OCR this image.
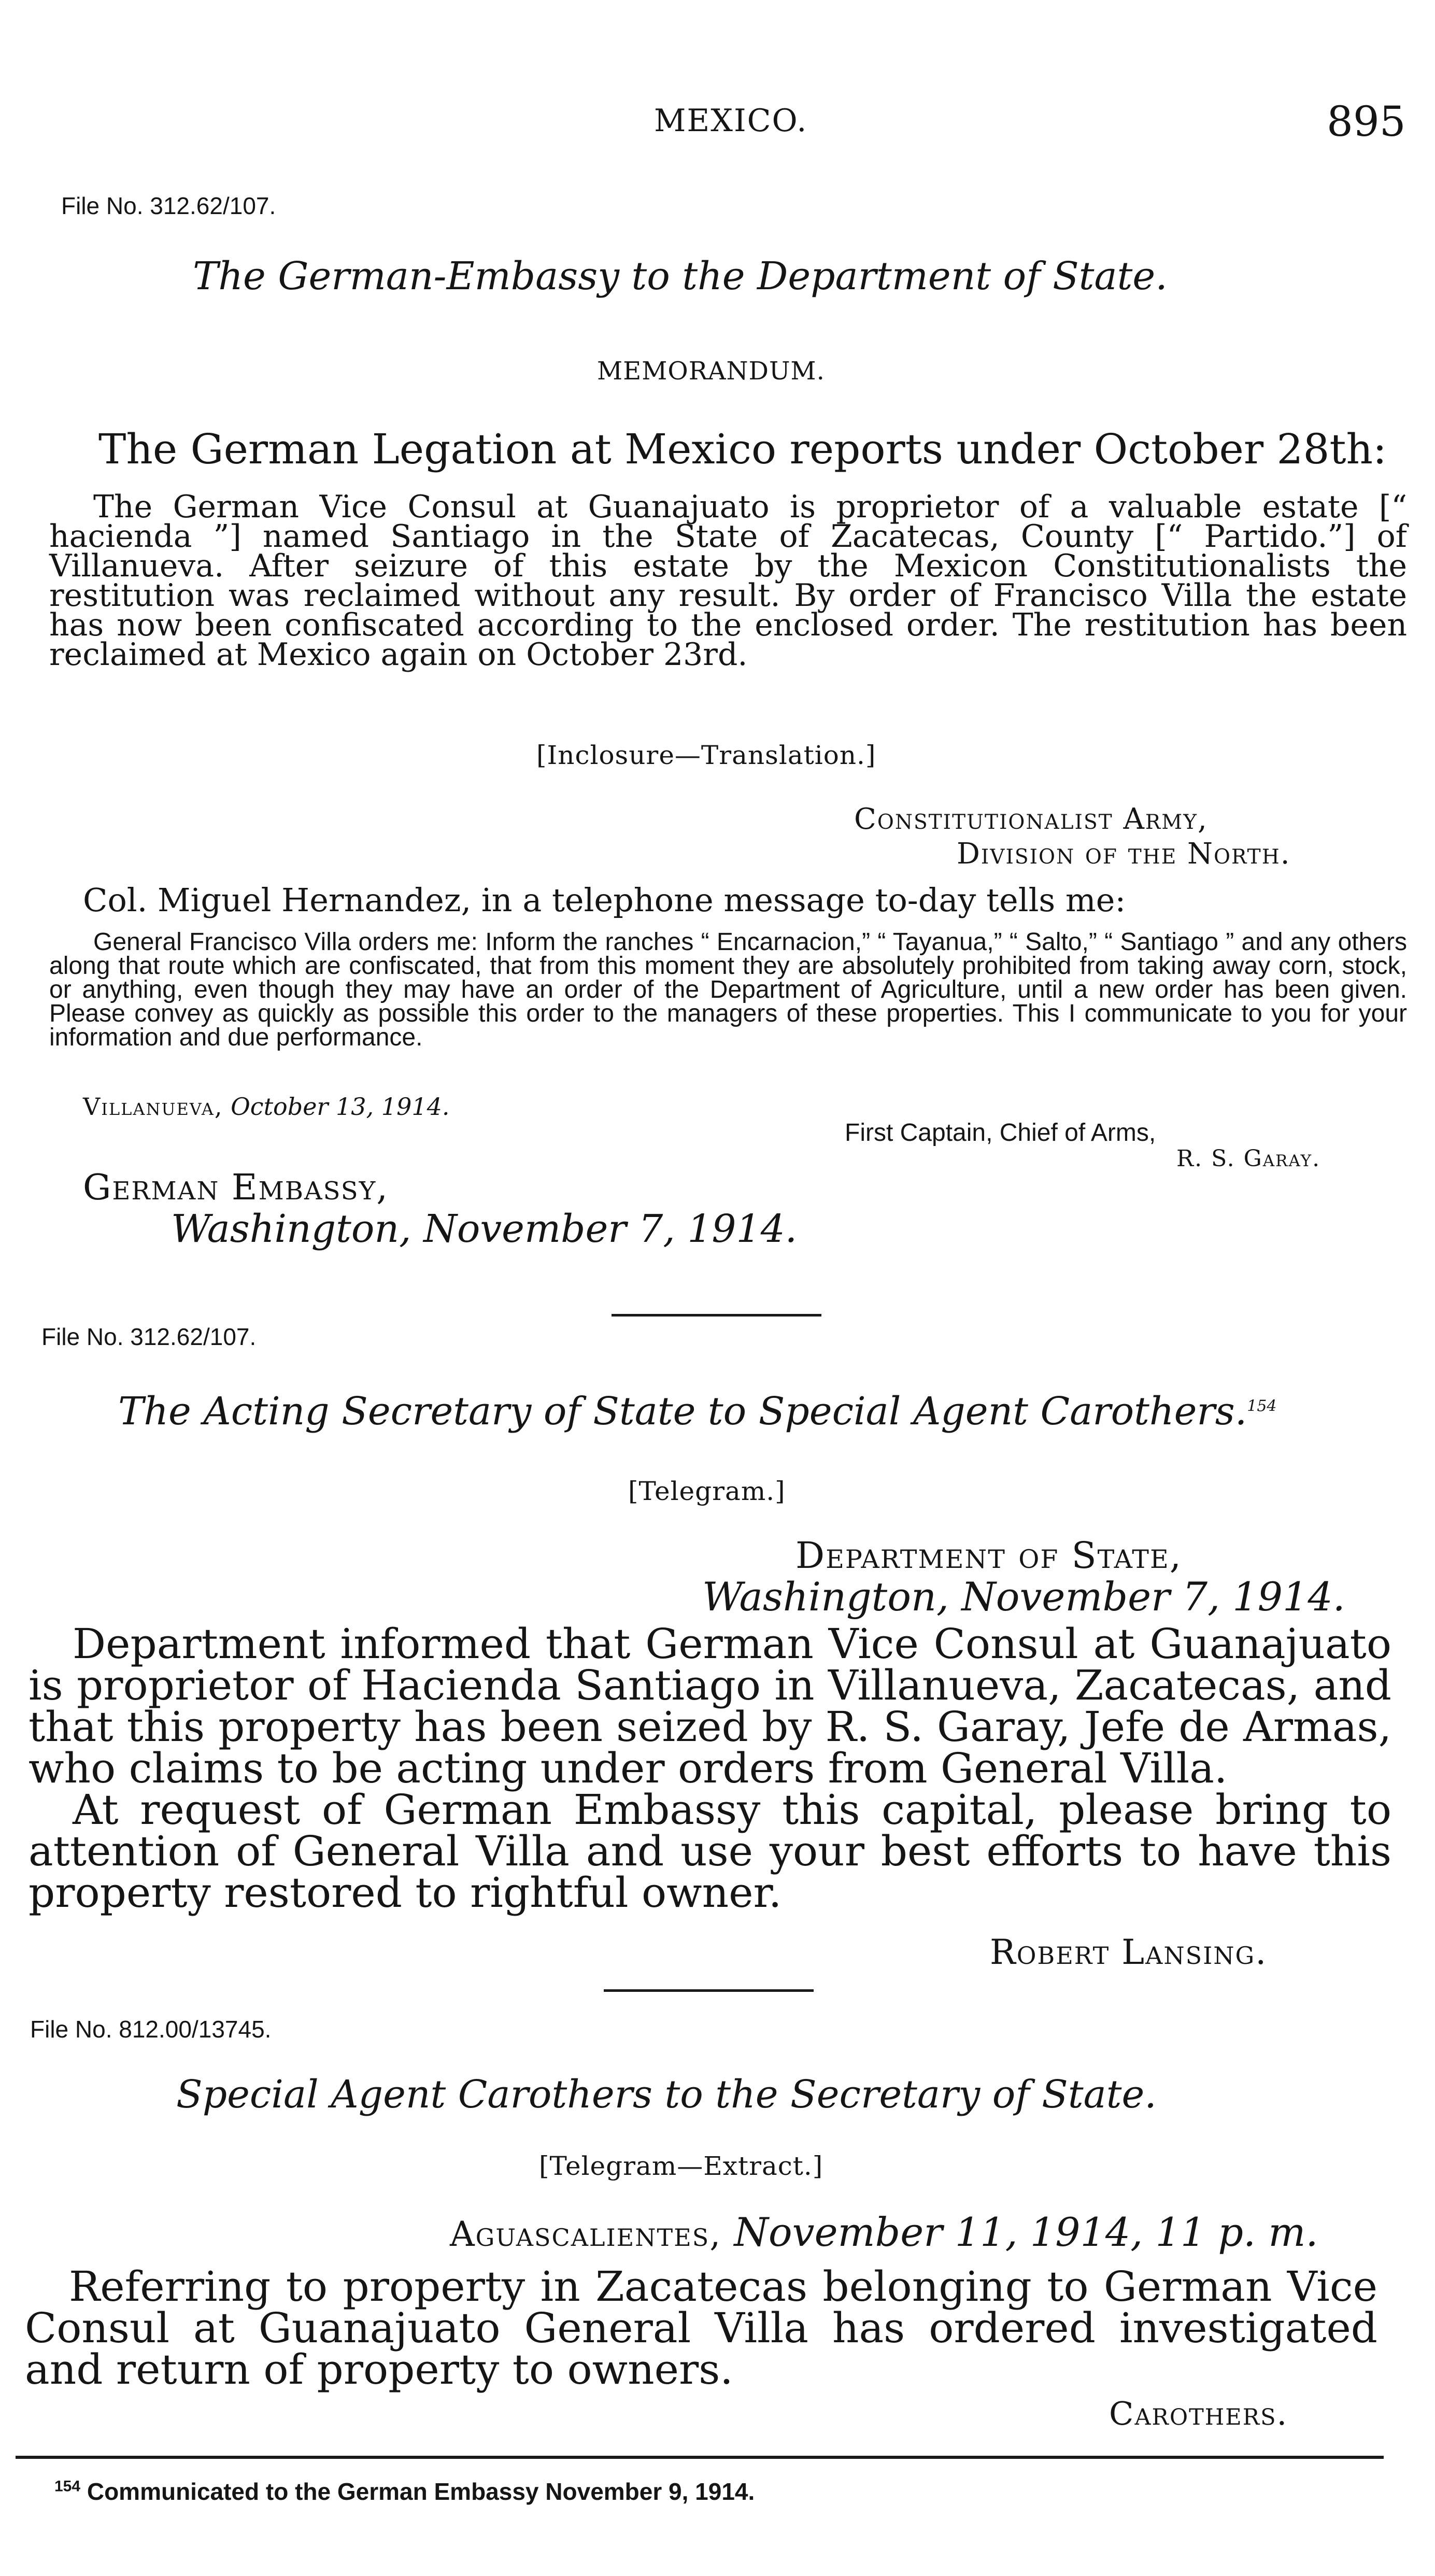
MEXICO.	895
File No. 312.62/107.
The German-Embassy to the Department of State.
MEMORANDUM.
The German Legation at Mexico reports under October 28th:
The German Vice Consul at Guanajuato is proprietor of a valuable estate [“ hacienda ”] named Santiago in the State of Zacatecas, County [“ Partido.”] of Villanueva. After seizure of this estate by the Mexicon Constitutionalists the restitution was reclaimed without any result. By order of Francisco Villa the estate has now been confiscated according to the enclosed order. The restitution has been reclaimed at Mexico again on October 23rd.
[Inclosure—Translation.]
Constitutionalist Army,
Division of the North.
Col. Miguel Hernandez, in a telephone message to-day tells me:
General Francisco Villa orders me: Inform the ranches “ Encarnacion,” “ Tayanua,” “ Salto,” “ Santiago ” and any others along that route which are confiscated, that from this moment they are absolutely prohibited from taking away corn, stock, or anything, even though they may have an order of the Department of Agriculture, until a new order has been given. Please convey as quickly as possible this order to the managers of these properties. This I communicate to you for your information and due performance.
Villanueva, October 13, 1914.
First Captain, Chief of Arms,
R. S. Garay.
German Embassy,
Washington, November 7, 1914.
File No. 312.62/107.
The Acting Secretary of State to Special Agent Carothers.$^{154}$
[Telegram.]
Department of State,
Washington, November 7, 1914.

Department informed that German Vice Consul at Guanajuato is proprietor of Hacienda Santiago in Villanueva, Zacatecas, and that this property has been seized by R. S. Garay, Jefe de Armas, who claims to be acting under orders from General Villa.

At request of German Embassy this capital, please bring to attention of General Villa and use your best efforts to have this property restored to rightful owner.

Robert Lansing.
File No. 812.00/13745.
Special Agent Carothers to the Secretary of State.
[Telegram—Extract.]
Aguascalientes, November 11, 1914, 11 p. m.

Referring to property in Zacatecas belonging to German Vice Consul at Guanajuato General Villa has ordered investigated and return of property to owners.

Carothers.
$^{154}$ Communicated to the German Embassy November 9, 1914.
